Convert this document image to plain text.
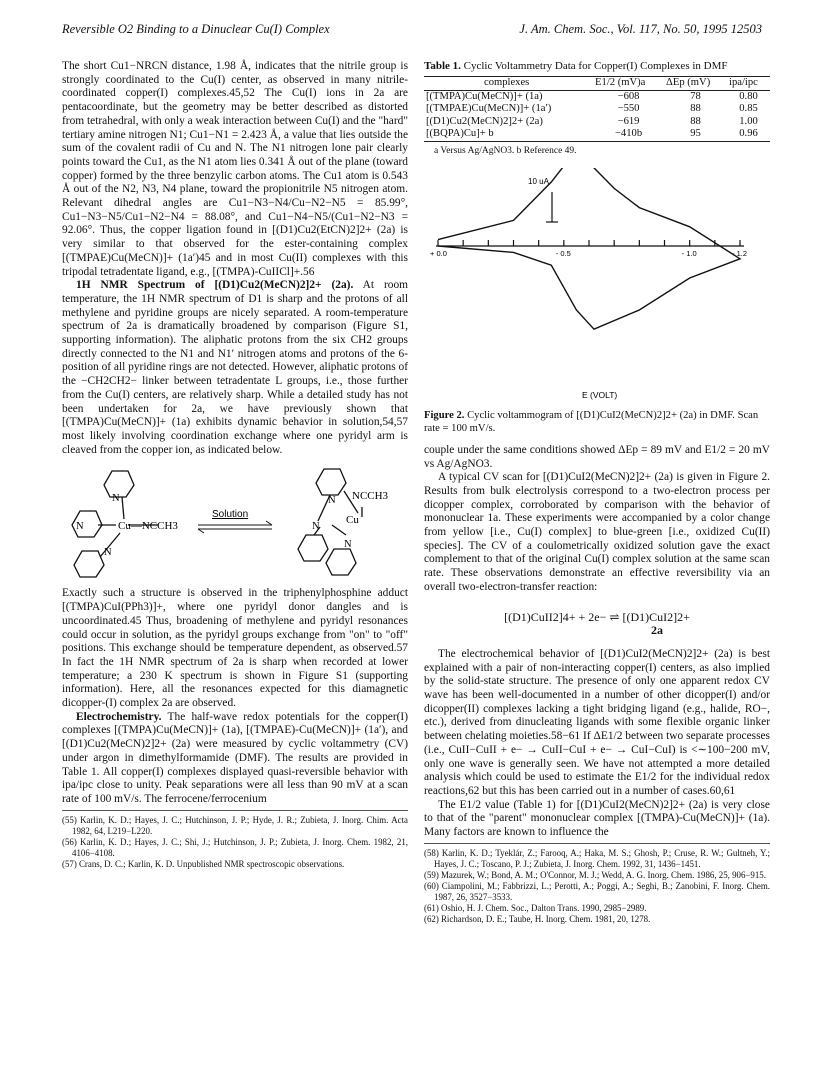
Reversible O2 Binding to a Dinuclear Cu(I) Complex	J. Am. Chem. Soc., Vol. 117, No. 50, 1995 12503

The short Cu1−NRCN distance, 1.98 Å, indicates that the nitrile group is strongly coordinated to the Cu(I) center, as observed in many nitrile-coordinated copper(I) complexes.45,52 The Cu(I) ions in 2a are pentacoordinate, but the geometry may be better described as distorted from tetrahedral, with only a weak interaction between Cu(I) and the "hard" tertiary amine nitrogen N1; Cu1−N1 = 2.423 Å, a value that lies outside the sum of the covalent radii of Cu and N. The N1 nitrogen lone pair clearly points toward the Cu1, as the N1 atom lies 0.341 Å out of the plane (toward copper) formed by the three benzylic carbon atoms. The Cu1 atom is 0.543 Å out of the N2, N3, N4 plane, toward the propionitrile N5 nitrogen atom. Relevant dihedral angles are Cu1−N3−N4/Cu−N2−N5 = 85.99°, Cu1−N3−N5/Cu1−N2−N4 = 88.08°, and Cu1−N4−N5/(Cu1−N2−N3 = 92.06°. Thus, the copper ligation found in [(D1)Cu2(EtCN)2]2+ (2a) is very similar to that observed for the ester-containing complex [(TMPAE)Cu(MeCN)]+ (1a′)45 and in most Cu(II) complexes with this tripodal tetradentate ligand, e.g., [(TMPA)-CuIICl]+.56

1H NMR Spectrum of [(D1)Cu2(MeCN)2]2+ (2a). At room temperature, the 1H NMR spectrum of D1 is sharp and the protons of all methylene and pyridine groups are nicely separated. A room-temperature spectrum of 2a is dramatically broadened by comparison (Figure S1, supporting information). The aliphatic protons from the six CH2 groups directly connected to the N1 and N1′ nitrogen atoms and protons of the 6-position of all pyridine rings are not detected. However, aliphatic protons of the −CH2CH2− linker between tetradentate L groups, i.e., those further from the Cu(I) centers, are relatively sharp. While a detailed study has not been undertaken for 2a, we have previously shown that [(TMPA)Cu(MeCN)]+ (1a) exhibits dynamic behavior in solution,54,57 most likely involving coordination exchange where one pyridyl arm is cleaved from the copper ion, as indicated below.

N
N
N
Cu—NCCH3
Solution
N NCCH3
Cu
N
N

Exactly such a structure is observed in the triphenylphosphine adduct [(TMPA)CuI(PPh3)]+, where one pyridyl donor dangles and is uncoordinated.45 Thus, broadening of methylene and pyridyl resonances could occur in solution, as the pyridyl groups exchange from "on" to "off" positions. This exchange should be temperature dependent, as observed.57 In fact the 1H NMR spectrum of 2a is sharp when recorded at lower temperature; a 230 K spectrum is shown in Figure S1 (supporting information). Here, all the resonances expected for this diamagnetic dicopper-(I) complex 2a are observed.

Electrochemistry. The half-wave redox potentials for the copper(I) complexes [(TMPA)Cu(MeCN)]+ (1a), [(TMPAE)-Cu(MeCN)]+ (1a′), and [(D1)Cu2(MeCN)2]2+ (2a) were measured by cyclic voltammetry (CV) under argon in dimethylformamide (DMF). The results are provided in Table 1. All copper(I) complexes displayed quasi-reversible behavior with ipa/ipc close to unity. Peak separations were all less than 90 mV at a scan rate of 100 mV/s. The ferrocene/ferrocenium

(55) Karlin, K. D.; Hayes, J. C.; Hutchinson, J. P.; Hyde, J. R.; Zubieta, J. Inorg. Chim. Acta 1982, 64, L219−L220.

(56) Karlin, K. D.; Hayes, J. C.; Shi, J.; Hutchinson, J. P.; Zubieta, J. Inorg. Chem. 1982, 21, 4106−4108.

(57) Crans, D. C.; Karlin, K. D. Unpublished NMR spectroscopic observations.

Table 1. Cyclic Voltammetry Data for Copper(I) Complexes in DMF
complexes	E1/2 (mV)a	ΔEp (mV)	ipa/ipc
[(TMPA)Cu(MeCN)]+ (1a)	−608	78	0.80
[(TMPAE)Cu(MeCN)]+ (1a′)	−550	88	0.85
[(D1)Cu2(MeCN)2]2+ (2a)	−619	88	1.00
[(BQPA)Cu]+ b	−410b	95	0.96
a Versus Ag/AgNO3. b Reference 49.
+ 0.0	- 0.5	- 1.0	- 1.2
10 uA
E (VOLT)
Figure 2. Cyclic voltammogram of [(D1)CuI2(MeCN)2]2+ (2a) in DMF. Scan rate = 100 mV/s.

couple under the same conditions showed ΔEp = 89 mV and E1/2 = 20 mV vs Ag/AgNO3.

A typical CV scan for [(D1)CuI2(MeCN)2]2+ (2a) is given in Figure 2. Results from bulk electrolysis correspond to a two-electron process per dicopper complex, corroborated by comparison with the behavior of mononuclear 1a. These experiments were accompanied by a color change from yellow [i.e., Cu(I) complex] to blue-green [i.e., oxidized Cu(II) species]. The CV of a coulometrically oxidized solution gave the exact complement to that of the original Cu(I) complex solution at the same scan rate. These observations demonstrate an effective reversibility via an overall two-electron-transfer reaction:

[(D1)CuII2]4+ + 2e− ⇌ [(D1)CuI2]2+
2a

The electrochemical behavior of [(D1)CuI2(MeCN)2]2+ (2a) is best explained with a pair of non-interacting copper(I) centers, as also implied by the solid-state structure. The presence of only one apparent redox CV wave has been well-documented in a number of other dicopper(I) and/or dicopper(II) complexes lacking a tight bridging ligand (e.g., halide, RO−, etc.), derived from dinucleating ligands with some flexible organic linker between chelating moieties.58−61 If ΔE1/2 between two separate processes (i.e., CuII−CuII + e− → CuII−CuI + e− → CuI−CuI) is <∼100−200 mV, only one wave is generally seen. We have not attempted a more detailed analysis which could be used to estimate the E1/2 for the individual redox reactions,62 but this has been carried out in a number of cases.60,61

The E1/2 value (Table 1) for [(D1)CuI2(MeCN)2]2+ (2a) is very close to that of the "parent" mononuclear complex [(TMPA)-Cu(MeCN)]+ (1a). Many factors are known to influence the

(58) Karlin, K. D.; Tyeklár, Z.; Farooq, A.; Haka, M. S.; Ghosh, P.; Cruse, R. W.; Gultneh, Y.; Hayes, J. C.; Toscano, P. J.; Zubieta, J. Inorg. Chem. 1992, 31, 1436−1451.

(59) Mazurek, W.; Bond, A. M.; O'Connor, M. J.; Wedd, A. G. Inorg. Chem. 1986, 25, 906−915.

(60) Ciampolini, M.; Fabbrizzi, L.; Perotti, A.; Poggi, A.; Seghi, B.; Zanobini, F. Inorg. Chem. 1987, 26, 3527−3533.

(61) Oshio, H. J. Chem. Soc., Dalton Trans. 1990, 2985−2989.

(62) Richardson, D. E.; Taube, H. Inorg. Chem. 1981, 20, 1278.
